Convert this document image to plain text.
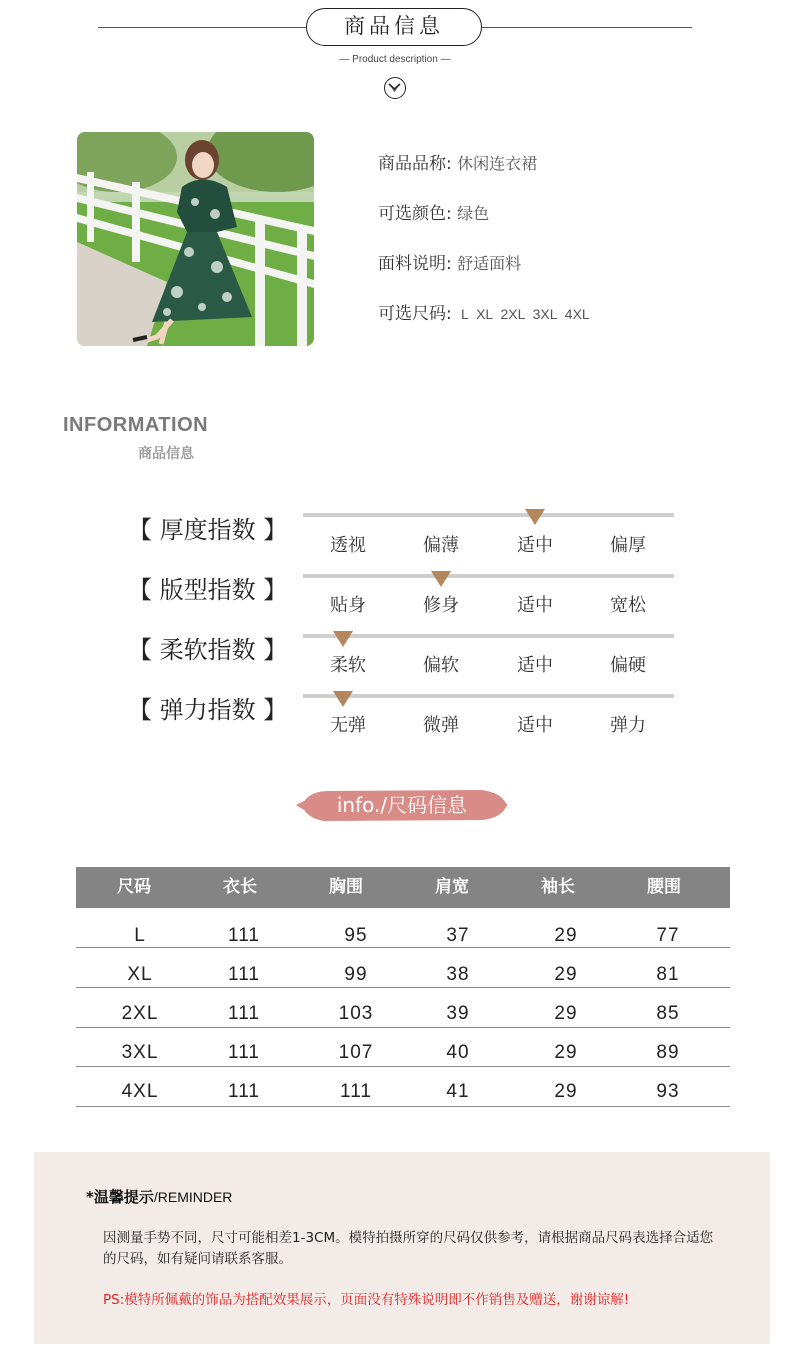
商品信息
— Product description —
商品品称: 休闲连衣裙
可选颜色: 绿色
面料说明: 舒适面料
可选尺码:  L  XL  2XL  3XL  4XL
INFORMATION
商品信息
【 厚度指数 】
透视	偏薄	适中	偏厚
【 版型指数 】
贴身	修身	适中	宽松
【 柔软指数 】
柔软	偏软	适中	偏硬
【 弹力指数 】
无弹	微弹	适中	弹力
info./尺码信息
尺码	衣长	胸围	肩宽	袖长	腰围
L	111	95	37	29	77
XL	111	99	38	29	81
2XL	111	103	39	29	85
3XL	111	107	40	29	89
4XL	111	111	41	29	93
*温馨提示/REMINDER
因测量手势不同，尺寸可能相差1-3CM。模特拍摄所穿的尺码仅供参考，请根据商品尺码表选择合适您的尺码，如有疑问请联系客服。
PS:模特所佩戴的饰品为搭配效果展示，页面没有特殊说明即不作销售及赠送，谢谢谅解!
